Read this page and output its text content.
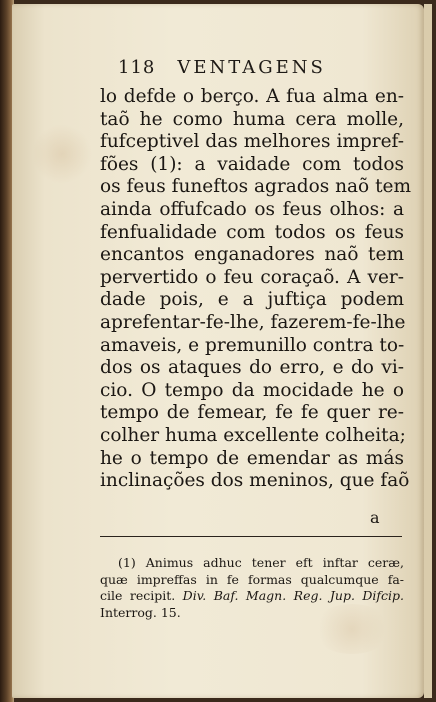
118 VENTAGENS
lo defde o berço. A fua alma en-
taõ he como huma cera molle,
fufceptivel das melhores impref-
fões (1): a vaidade com todos
os feus funeftos agrados naõ tem
ainda offufcado os feus olhos: a
fenfualidade com todos os feus
encantos enganadores naõ tem
pervertido o feu coraçaõ. A ver-
dade pois, e a juftiça podem
aprefentar-fe-lhe, fazerem-fe-lhe
amaveis, e premunillo contra to-
dos os ataques do erro, e do vi-
cio. O tempo da mocidade he o
tempo de femear, fe fe quer re-
colher huma excellente colheita;
he o tempo de emendar as más
inclinações dos meninos, que faõ
a
(1) Animus adhuc tener eft inftar ceræ,
quæ impreffas in fe formas qualcumque fa-
cile recipit. Div. Baf. Magn. Reg. Jup. Difcip.
Interrog. 15.
